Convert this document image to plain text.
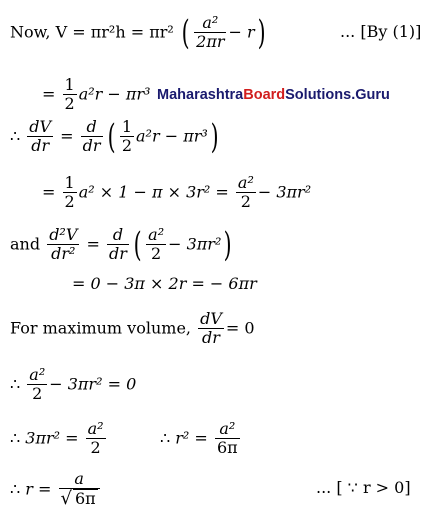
Now, V = πr²h = πr² ( $\frac{\text{a²}}{2\pi r} - r$)	... [By (1)]
= $\frac{1}{2} a^2r - \pi r^3$ MaharashtraBoardSolutions.Guru
∴ $\frac{dV}{dr} = \frac{d}{dr}$ ( $\frac{1}{2} a^2r - \pi r^3$)
= $\frac{1}{2} a^2 \times 1 - \pi \times 3r^2 = \frac{\text{a²}}{2} - 3\pi r^2$
and $\frac{\text{d²V}}{\text{dr²}} = \frac{d}{dr}$ ( $\frac{\text{a²}}{2} - 3\pi r^2$)
= 0 − 3π × 2r = − 6πr
For maximum volume, $\frac{dV}{dr} = 0$
∴ $\frac{\text{a²}}{2} - 3\pi r^2 = 0$
∴ $3\pi r^2 = \frac{\text{a²}}{2}$	∴ $r^2 = \frac{\text{a²}}{6\pi}$
∴ $r = \frac{a}{√ 6\pi}$	... [ ∵ r > 0]
